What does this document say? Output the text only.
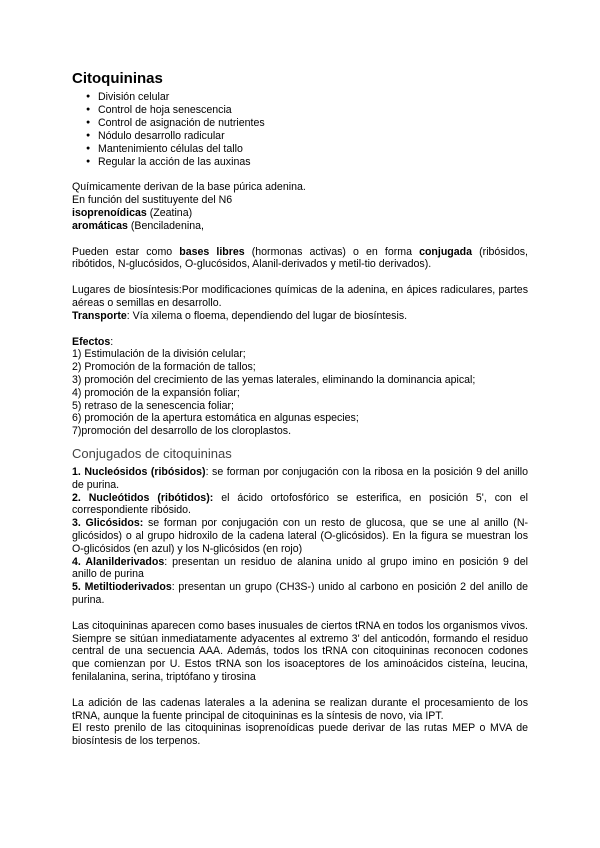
Citoquininas
● División celular
● Control de hoja senescencia
● Control de asignación de nutrientes
● Nódulo desarrollo radicular
● Mantenimiento células del tallo
● Regular la acción de las auxinas

Químicamente derivan de la base púrica adenina.

En función del sustituyente del N6

isoprenoídicas (Zeatina)

aromáticas (Benciladenina,

Pueden estar como bases libres (hormonas activas) o en forma conjugada (ribósidos, ribótidos, N-glucósidos, O-glucósidos, Alanil-derivados y metil-tio derivados).

Lugares de biosíntesis:Por modificaciones químicas de la adenina, en ápices radiculares, partes aéreas o semillas en desarrollo.

Transporte: Vía xilema o floema, dependiendo del lugar de biosíntesis.

Efectos:

1) Estimulación de la división celular;

2) Promoción de la formación de tallos;

3) promoción del crecimiento de las yemas laterales, eliminando la dominancia apical;

4) promoción de la expansión foliar;

5) retraso de la senescencia foliar;

6) promoción de la apertura estomática en algunas especies;

7)promoción del desarrollo de los cloroplastos.

Conjugados de citoquininas

1. Nucleósidos (ribósidos): se forman por conjugación con la ribosa en la posición 9 del anillo de purina.

2. Nucleótidos (ribótidos): el ácido ortofosfórico se esterifica, en posición 5', con el correspondiente ribósido.

3. Glicósidos: se forman por conjugación con un resto de glucosa, que se une al anillo (N-glicósidos) o al grupo hidroxilo de la cadena lateral (O-glicósidos). En la figura se muestran los O-glicósidos (en azul) y los N-glicósidos (en rojo)

4. Alanilderivados: presentan un residuo de alanina unido al grupo imino en posición 9 del anillo de purina

5. Metiltioderivados: presentan un grupo (CH3S-) unido al carbono en posición 2 del anillo de purina.

Las citoquininas aparecen como bases inusuales de ciertos tRNA en todos los organismos vivos. Siempre se sitúan inmediatamente adyacentes al extremo 3' del anticodón, formando el residuo central de una secuencia AAA. Además, todos los tRNA con citoquininas reconocen codones que comienzan por U. Estos tRNA son los isoaceptores de los aminoácidos cisteína, leucina, fenilalanina, serina, triptófano y tirosina

La adición de las cadenas laterales a la adenina se realizan durante el procesamiento de los tRNA, aunque la fuente principal de citoquininas es la síntesis de novo, via IPT.

El resto prenilo de las citoquininas isoprenoídicas puede derivar de las rutas MEP o MVA de biosíntesis de los terpenos.
